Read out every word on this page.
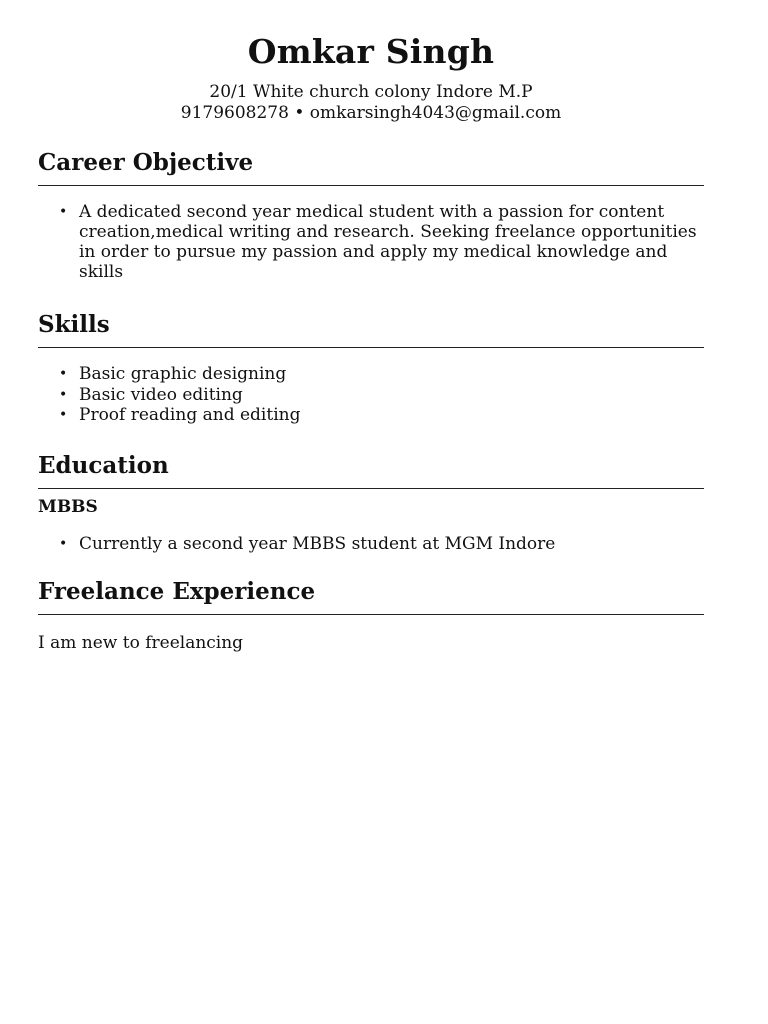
Omkar Singh

20/1 White church colony Indore M.P

9179608278 • omkarsingh4043@gmail.com

Career Objective
• A dedicated second year medical student with a passion for content creation,medical writing and research. Seeking freelance opportunities in order to pursue my passion and apply my medical knowledge and skills
Skills
• Basic graphic designing
• Basic video editing
• Proof reading and editing
Education

MBBS

• Currently a second year MBBS student at MGM Indore
Freelance Experience

I am new to freelancing
